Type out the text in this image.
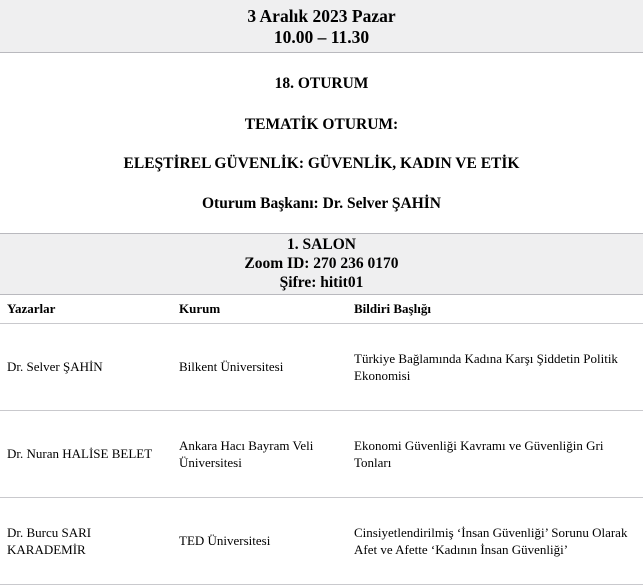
3 Aralık 2023 Pazar
10.00 – 11.30
18. OTURUM
TEMATİK OTURUM:
ELEŞTİREL GÜVENLİK: GÜVENLİK, KADIN VE ETİK
Oturum Başkanı: Dr. Selver ŞAHİN
1. SALON
Zoom ID: 270 236 0170
Şifre: hitit01
Yazarlar	Kurum	Bildiri Başlığı
Dr. Selver ŞAHİN	Bilkent Üniversitesi	Türkiye Bağlamında Kadına Karşı Şiddetin Politik Ekonomisi
Dr. Nuran HALİSE BELET	Ankara Hacı Bayram Veli Üniversitesi	Ekonomi Güvenliği Kavramı ve Güvenliğin Gri Tonları
Dr. Burcu SARI KARADEMİR	TED Üniversitesi	Cinsiyetlendirilmiş ‘İnsan Güvenliği’ Sorunu Olarak Afet ve Afette ‘Kadının İnsan Güvenliği’
